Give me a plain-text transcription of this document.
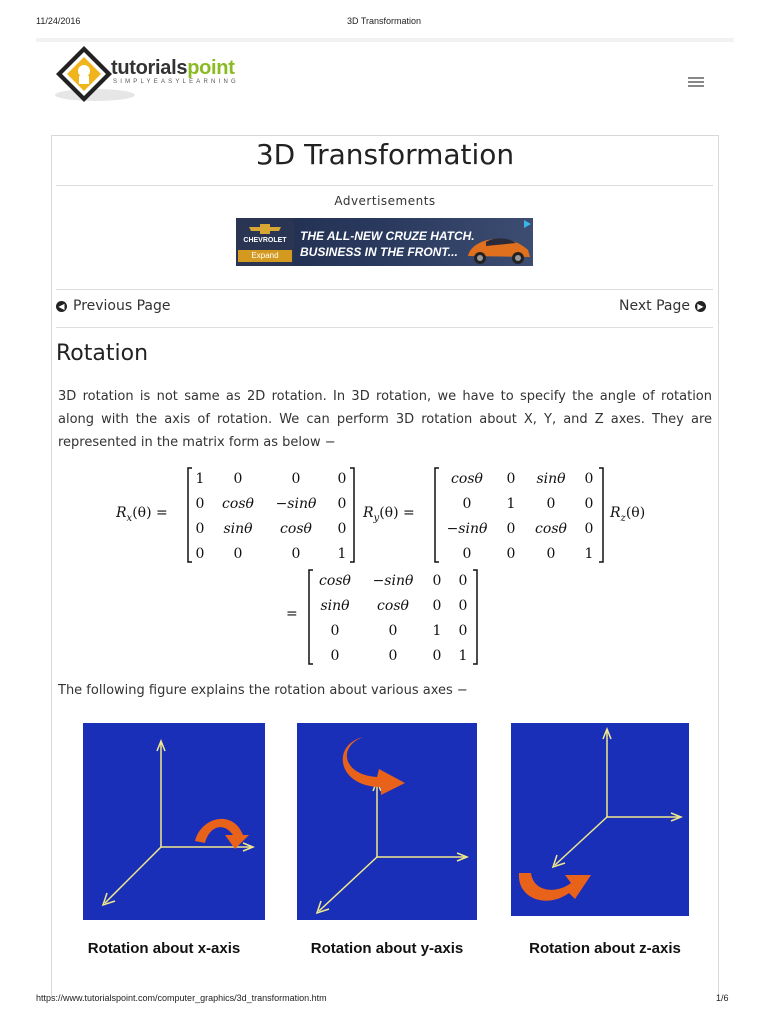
11/24/2016	3D Transformation
tutorialspoint
SIMPLYEASYLEARNING
3D Transformation
Advertisements
CHEVROLET
Expand
THE ALL-NEW CRUZE HATCH.
BUSINESS IN THE FRONT...
◀ Previous Page	Next Page ▶
Rotation
3D rotation is not same as 2D rotation. In 3D rotation, we have to specify the angle of rotation along with the axis of rotation. We can perform 3D rotation about X, Y, and Z axes. They are represented in the matrix form as below −
$R_x(\theta)$ =
1 0	0	0
0 cosθ −sinθ 0
0 sinθ cosθ 0
0 0	0	1
$R_y(\theta)$ =
cosθ 0 sinθ 0
0	1 0 0
−sinθ 0 cosθ 0
0	0 0 1
$R_z(\theta)$
=
cosθ −sinθ 0 0
sinθ cosθ 0 0
0	0	1 0
0	0	0 1
The following figure explains the rotation about various axes −
Rotation about x-axis	Rotation about y-axis	Rotation about z-axis
https://www.tutorialspoint.com/computer_graphics/3d_transformation.htm	1/6
